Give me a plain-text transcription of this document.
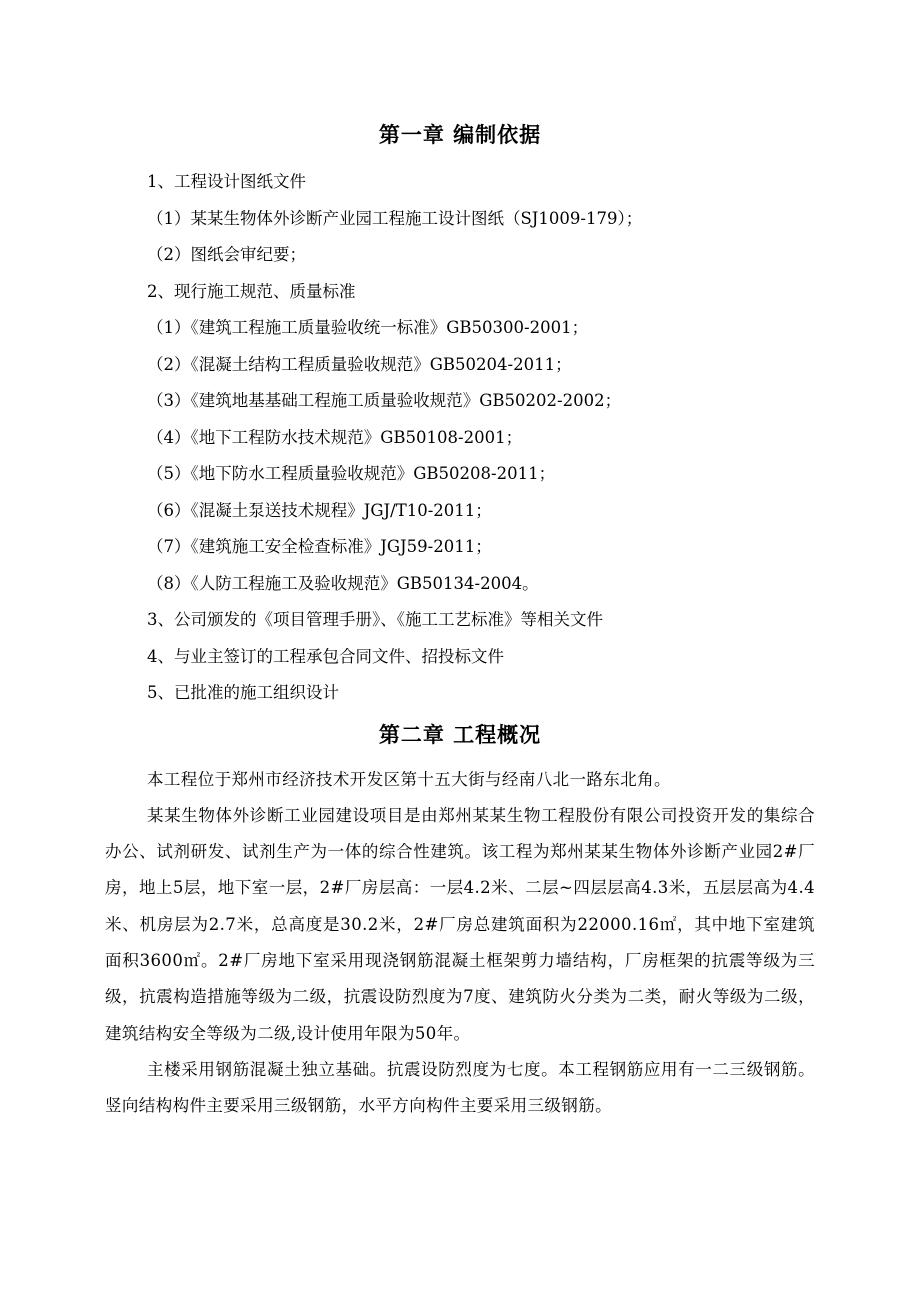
第一章 编制依据

1、工程设计图纸文件

（1）某某生物体外诊断产业园工程施工设计图纸（SJ1009-179）；

（2）图纸会审纪要；

2、现行施工规范、质量标准

（1）《建筑工程施工质量验收统一标准》GB50300-2001；

（2）《混凝土结构工程质量验收规范》GB50204-2011；

（3）《建筑地基基础工程施工质量验收规范》GB50202-2002；

（4）《地下工程防水技术规范》GB50108-2001；

（5）《地下防水工程质量验收规范》GB50208-2011；

（6）《混凝土泵送技术规程》JGJ/T10-2011；

（7）《建筑施工安全检查标准》JGJ59-2011；

（8）《人防工程施工及验收规范》GB50134-2004。

3、公司颁发的《项目管理手册》、《施工工艺标准》等相关文件

4、与业主签订的工程承包合同文件、招投标文件

5、已批准的施工组织设计

第二章 工程概况

本工程位于郑州市经济技术开发区第十五大街与经南八北一路东北角。

某某生物体外诊断工业园建设项目是由郑州某某生物工程股份有限公司投资开发的集综合办公、试剂研发、试剂生产为一体的综合性建筑。该工程为郑州某某生物体外诊断产业园2#厂房，地上5层，地下室一层，2#厂房层高：一层4.2米、二层~四层层高4.3米，五层层高为4.4米、机房层为2.7米，总高度是30.2米，2#厂房总建筑面积为22000.16㎡，其中地下室建筑面积3600㎡。2#厂房地下室采用现浇钢筋混凝土框架剪力墙结构，厂房框架的抗震等级为三级，抗震构造措施等级为二级，抗震设防烈度为7度、建筑防火分类为二类，耐火等级为二级，建筑结构安全等级为二级,设计使用年限为50年。

主楼采用钢筋混凝土独立基础。抗震设防烈度为七度。本工程钢筋应用有一二三级钢筋。竖向结构构件主要采用三级钢筋，水平方向构件主要采用三级钢筋。
